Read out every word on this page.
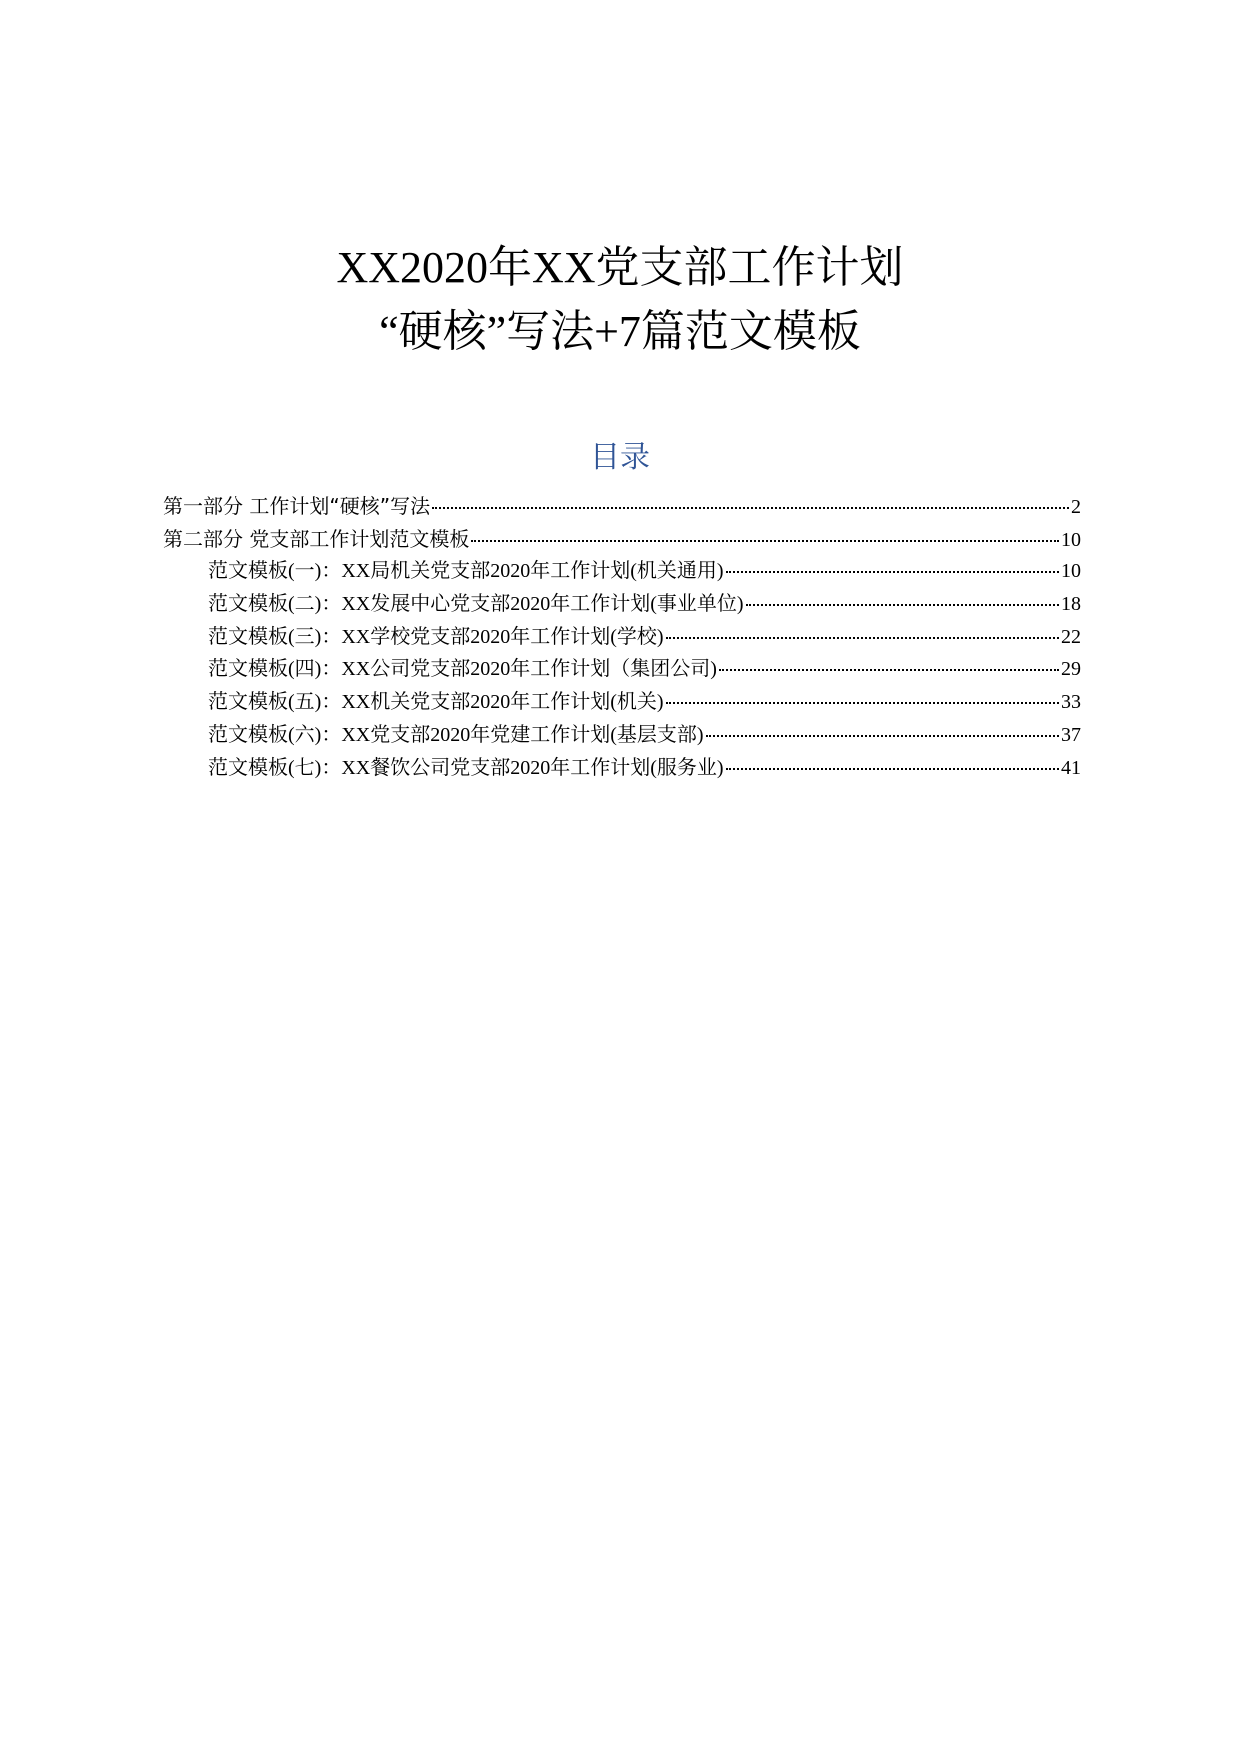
XX2020年XX党支部工作计划
“硬核”写法+7篇范文模板
目录
第一部分 工作计划“硬核”写法	2
第二部分 党支部工作计划范文模板	10
范文模板(一)：XX局机关党支部2020年工作计划(机关通用)	10
范文模板(二)：XX发展中心党支部2020年工作计划(事业单位)	18
范文模板(三)：XX学校党支部2020年工作计划(学校)	22
范文模板(四)：XX公司党支部2020年工作计划（集团公司)	29
范文模板(五)：XX机关党支部2020年工作计划(机关)	33
范文模板(六)：XX党支部2020年党建工作计划(基层支部)	37
范文模板(七)：XX餐饮公司党支部2020年工作计划(服务业)	41
